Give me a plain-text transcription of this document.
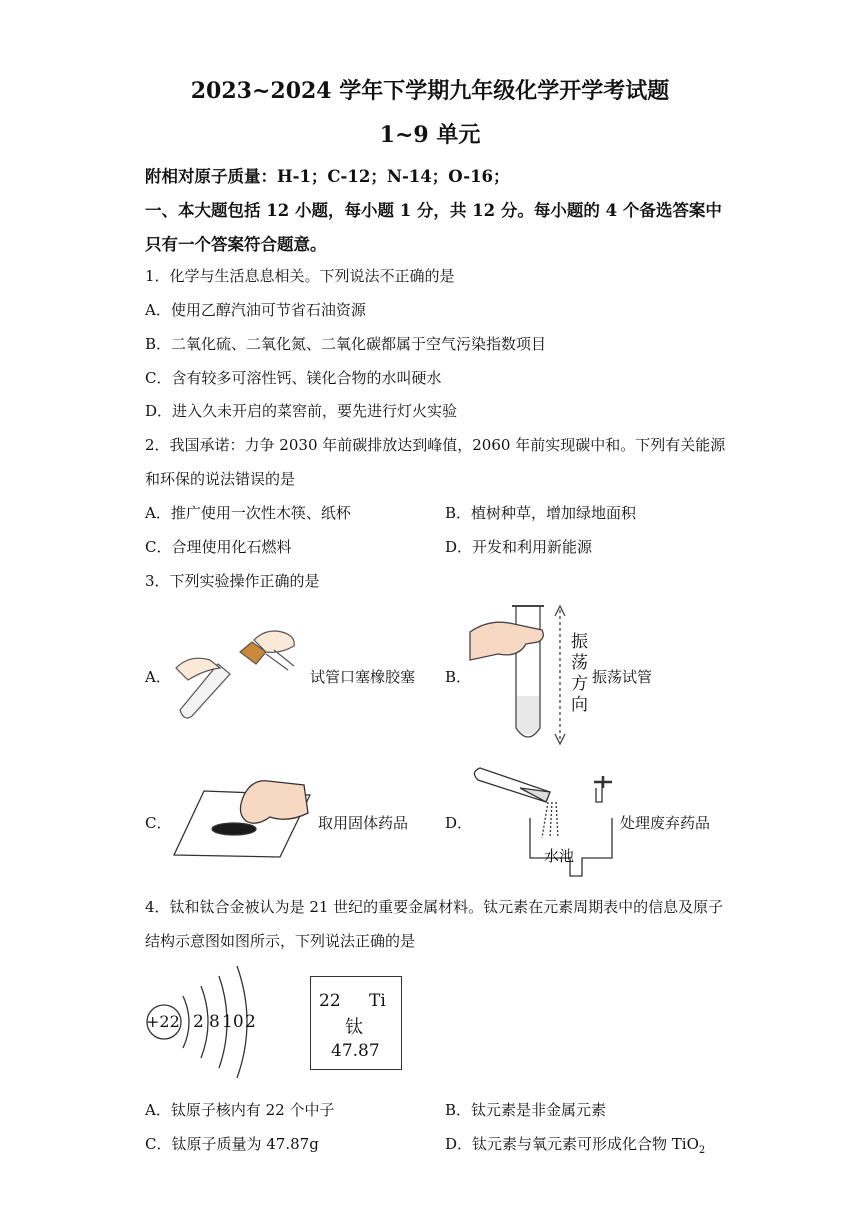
2023~2024 学年下学期九年级化学开学考试题
1~9 单元
附相对原子质量：H-1；C-12；N-14；O-16；
一、本大题包括 12 小题，每小题 1 分，共 12 分。每小题的 4 个备选答案中
只有一个答案符合题意。
1．化学与生活息息相关。下列说法不正确的是
A．使用乙醇汽油可节省石油资源
B．二氧化硫、二氧化氮、二氧化碳都属于空气污染指数项目
C．含有较多可溶性钙、镁化合物的水叫硬水
D．进入久未开启的菜窖前，要先进行灯火实验
2．我国承诺：力争 2030 年前碳排放达到峰值，2060 年前实现碳中和。下列有关能源
和环保的说法错误的是
A．推广使用一次性木筷、纸杯	B．植树种草，增加绿地面积
C．合理使用化石燃料	D．开发和利用新能源
3．下列实验操作正确的是
A．	试管口塞橡胶塞 B．
振
荡
方
向
振荡试管
C．	取用固体药品 D．
水池
处理废弃药品
4．钛和钛合金被认为是 21 世纪的重要金属材料。钛元素在元素周期表中的信息及原子
结构示意图如图所示，下列说法正确的是
+22 2 8 10 2
22 Ti
钛
47.87
A．钛原子核内有 22 个中子	B．钛元素是非金属元素
C．钛原子质量为 47.87g	D．钛元素与氧元素可形成化合物 TiO$_2$
